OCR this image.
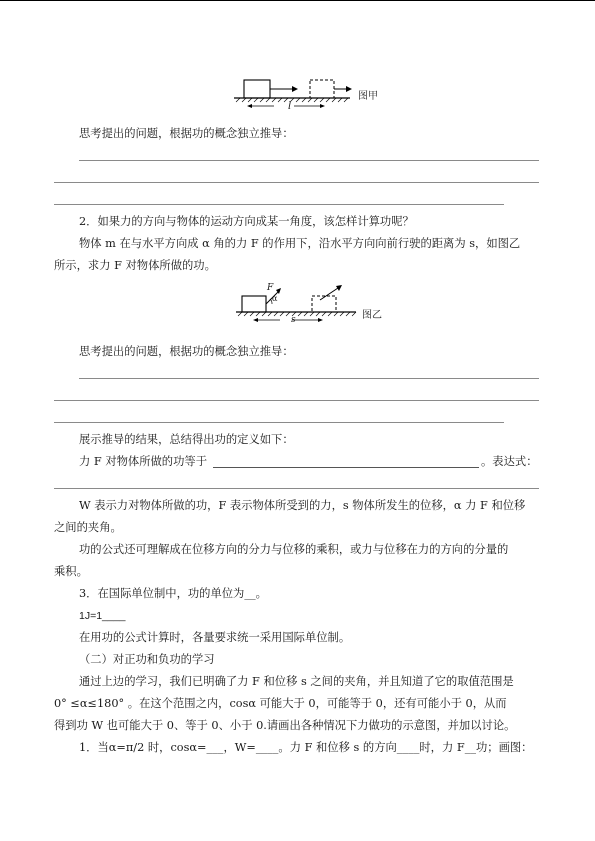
l
图甲
思考提出的问题，根据功的概念独立推导：
2．如果力的方向与物体的运动方向成某一角度，该怎样计算功呢？
物体 m 在与水平方向成 α 角的力 F 的作用下，沿水平方向向前行驶的距离为 s，如图乙
所示，求力 F 对物体所做的功。
F
α
s	图乙
思考提出的问题，根据功的概念独立推导：
展示推导的结果，总结得出功的定义如下：
力 F 对物体所做的功等于	。表达式：
W 表示力对物体所做的功，F 表示物体所受到的力，s 物体所发生的位移，α 力 F 和位移
之间的夹角。
功的公式还可理解成在位移方向的分力与位移的乘积，或力与位移在力的方向的分量的
乘积。
3．在国际单位制中，功的单位为__。
1J=1____
在用功的公式计算时，各量要求统一采用国际单位制。
（二）对正功和负功的学习
通过上边的学习，我们已明确了力 F 和位移 s 之间的夹角，并且知道了它的取值范围是
0° ≤α≤180° 。在这个范围之内，cosα 可能大于 0，可能等于 0，还有可能小于 0，从而
得到功 W 也可能大于 0、等于 0、小于 0.请画出各种情况下力做功的示意图，并加以讨论。
1．当α=π/2 时，cosα=___，W=____。力 F 和位移 s 的方向____时，力 F__功；画图：
